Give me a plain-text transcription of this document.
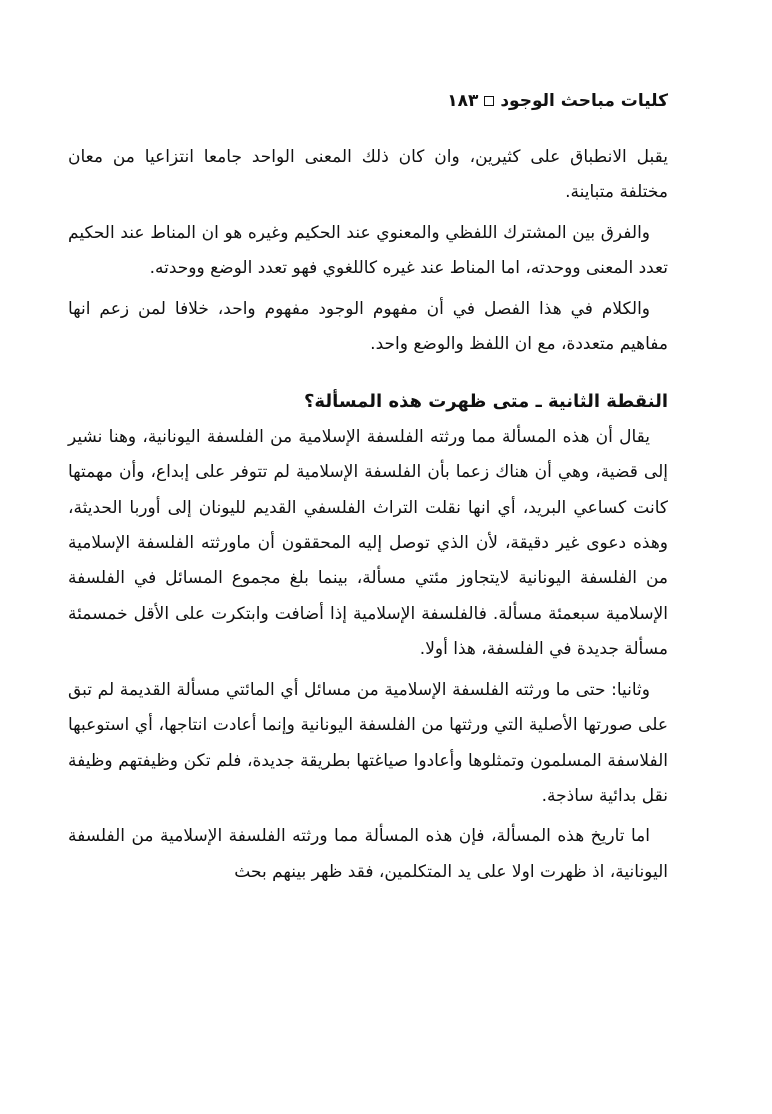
كليات مباحث الوجود
١٨٣

يقبل الانطباق على كثيرين، وان كان ذلك المعنى الواحد جامعا انتزاعيا من معان مختلفة متباينة.

والفرق بين المشترك اللفظي والمعنوي عند الحكيم وغيره هو ان المناط عند الحكيم تعدد المعنى ووحدته، اما المناط عند غيره كاللغوي فهو تعدد الوضع ووحدته.

والكلام في هذا الفصل في أن مفهوم الوجود مفهوم واحد، خلافا لمن زعم انها مفاهيم متعددة، مع ان اللفظ والوضع واحد.

النقطة الثانية ـ متى ظهرت هذه المسألة؟

يقال أن هذه المسألة مما ورثته الفلسفة الإسلامية من الفلسفة اليونانية، وهنا نشير إلى قضية، وهي أن هناك زعما بأن الفلسفة الإسلامية لم تتوفر على إبداع، وأن مهمتها كانت كساعي البريد، أي انها نقلت التراث الفلسفي القديم لليونان إلى أوربا الحديثة، وهذه دعوى غير دقيقة، لأن الذي توصل إليه المحققون أن ماورثته الفلسفة الإسلامية من الفلسفة اليونانية لايتجاوز مئتي مسألة، بينما بلغ مجموع المسائل في الفلسفة الإسلامية سبعمئة مسألة. فالفلسفة الإسلامية إذا أضافت وابتكرت على الأقل خمسمئة مسألة جديدة في الفلسفة، هذا أولا.

وثانيا: حتى ما ورثته الفلسفة الإسلامية من مسائل أي المائتي مسألة القديمة لم تبق على صورتها الأصلية التي ورثتها من الفلسفة اليونانية وإنما أعادت انتاجها، أي استوعبها الفلاسفة المسلمون وتمثلوها وأعادوا صياغتها بطريقة جديدة، فلم تكن وظيفتهم وظيفة نقل بدائية ساذجة.

اما تاريخ هذه المسألة، فإن هذه المسألة مما ورثته الفلسفة الإسلامية من الفلسفة اليونانية، اذ ظهرت اولا على يد المتكلمين، فقد ظهر بينهم بحث
